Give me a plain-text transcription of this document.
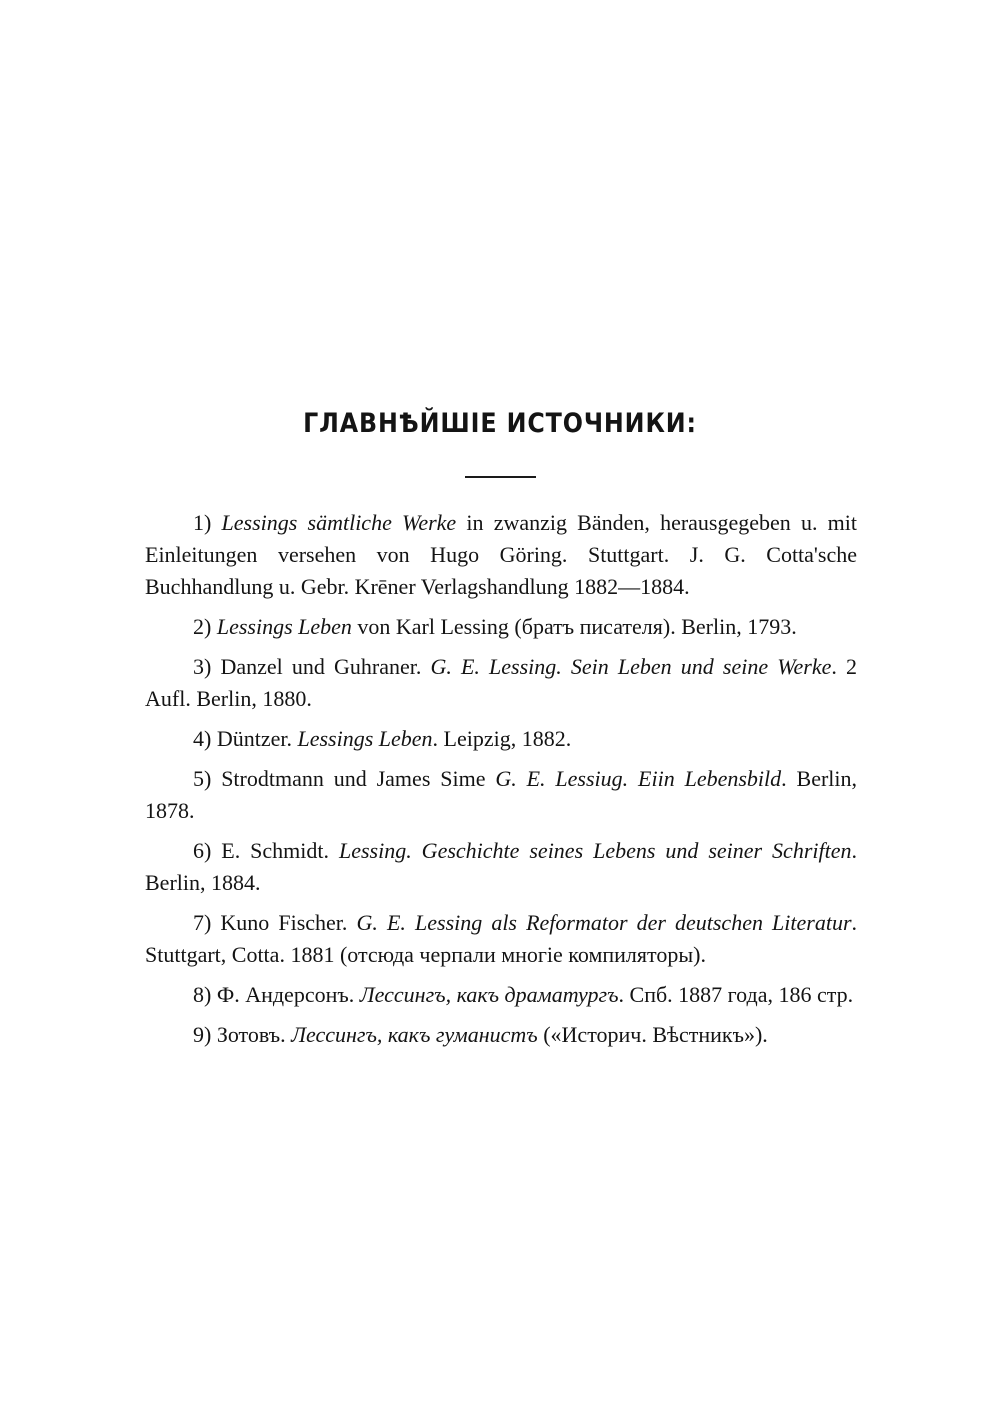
ГЛАВНѢЙШІЕ ИСТОЧНИКИ:
1) Lessings sämtliche Werke in zwanzig Bänden, herausgegeben u. mit Einleitungen versehen von Hugo Göring. Stuttgart. J. G. Cotta'sche Buchhandlung u. Gebr. Krēner Verlagshandlung 1882—1884.
2) Lessings Leben von Karl Lessing (братъ писателя). Berlin, 1793.
3) Danzel und Guhraner. G. E. Lessing. Sein Leben und seine Werke. 2 Aufl. Berlin, 1880.
4) Düntzer. Lessings Leben. Leipzig, 1882.
5) Strodtmann und James Sime G. E. Lessiug. Eiin Lebensbild. Berlin, 1878.
6) E. Schmidt. Lessing. Geschichte seines Lebens und seiner Schriften. Berlin, 1884.
7) Kuno Fischer. G. E. Lessing als Reformator der deutschen Literatur. Stuttgart, Cotta. 1881 (отсюда черпали многіе компиляторы).
8) Ф. Андерсонъ. Лессингъ, какъ драматургъ. Спб. 1887 года, 186 стр.
9) Зотовъ. Лессингъ, какъ гуманистъ («Историч. Вѣстникъ»).
